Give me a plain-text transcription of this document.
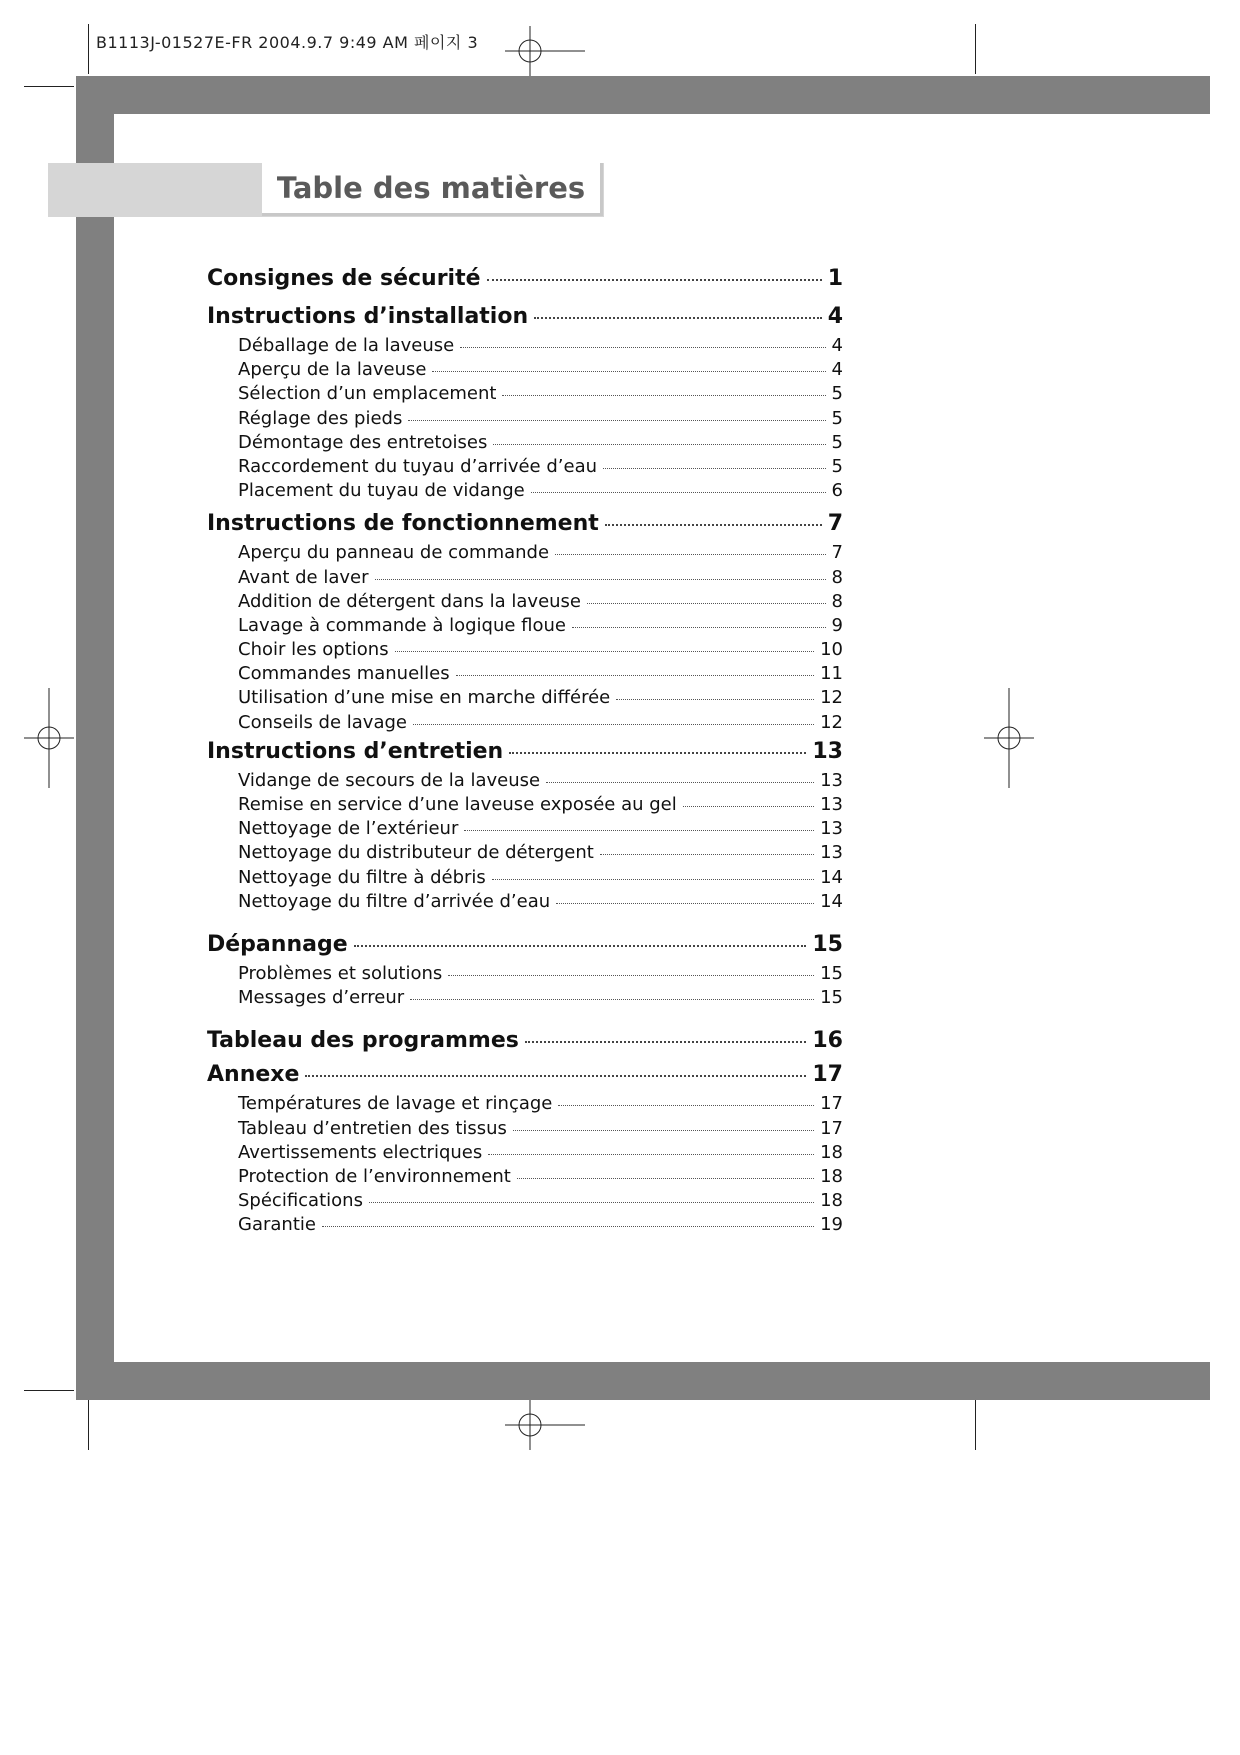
B1113J-01527E-FR 2004.9.7 9:49 AM 페이지 3
Table des matières
Consignes de sécurité	1
Instructions d’installation	4
Déballage de la laveuse	4
Aperçu de la laveuse	4
Sélection d’un emplacement	5
Réglage des pieds	5
Démontage des entretoises	5
Raccordement du tuyau d’arrivée d’eau	5
Placement du tuyau de vidange	6
Instructions de fonctionnement	7
Aperçu du panneau de commande	7
Avant de laver	8
Addition de détergent dans la laveuse	8
Lavage à commande à logique floue	9
Choir les options	10
Commandes manuelles	11
Utilisation d’une mise en marche différée	12
Conseils de lavage	12
Instructions d’entretien	13
Vidange de secours de la laveuse	13
Remise en service d’une laveuse exposée au gel	13
Nettoyage de l’extérieur	13
Nettoyage du distributeur de détergent	13
Nettoyage du filtre à débris	14
Nettoyage du filtre d’arrivée d’eau	14
Dépannage	15
Problèmes et solutions	15
Messages d’erreur	15
Tableau des programmes	16
Annexe	17
Températures de lavage et rinçage	17
Tableau d’entretien des tissus	17
Avertissements electriques	18
Protection de l’environnement	18
Spécifications	18
Garantie	19
